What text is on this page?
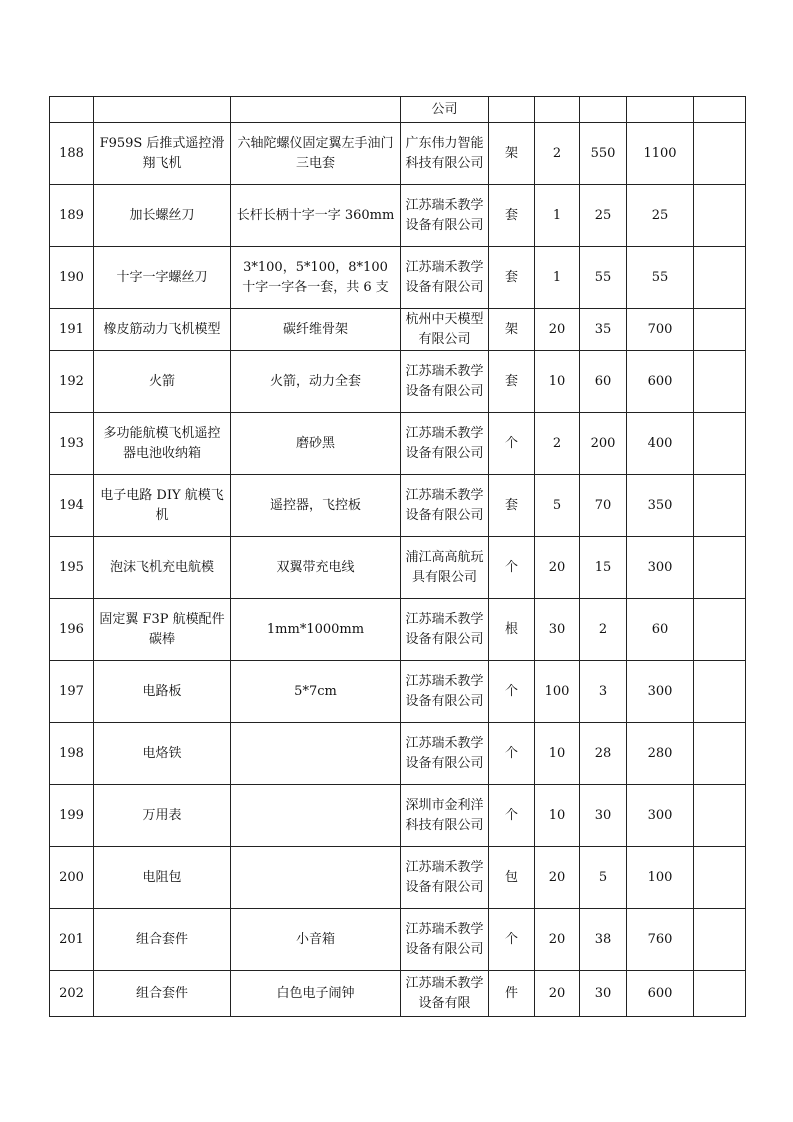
			公司					
188	F959S 后推式遥控滑翔飞机	六轴陀螺仪固定翼左手油门三电套	广东伟力智能科技有限公司	架	2	550	1100	
189	加长螺丝刀	长杆长柄十字一字 360mm	江苏瑞禾教学设备有限公司	套	1	25	25	
190	十字一字螺丝刀	3*100，5*100，8*100 十字一字各一套，共 6 支	江苏瑞禾教学设备有限公司	套	1	55	55	
191	橡皮筋动力飞机模型	碳纤维骨架	杭州中天模型有限公司	架	20	35	700	
192	火箭	火箭，动力全套	江苏瑞禾教学设备有限公司	套	10	60	600	
193	多功能航模飞机遥控器电池收纳箱	磨砂黑	江苏瑞禾教学设备有限公司	个	2	200	400	
194	电子电路 DIY 航模飞机	遥控器，飞控板	江苏瑞禾教学设备有限公司	套	5	70	350	
195	泡沫飞机充电航模	双翼带充电线	浦江高高航玩具有限公司	个	20	15	300	
196	固定翼 F3P 航模配件碳棒	1mm*1000mm	江苏瑞禾教学设备有限公司	根	30	2	60	
197	电路板	5*7cm	江苏瑞禾教学设备有限公司	个	100	3	300	
198	电烙铁		江苏瑞禾教学设备有限公司	个	10	28	280	
199	万用表		深圳市金利洋科技有限公司	个	10	30	300	
200	电阻包		江苏瑞禾教学设备有限公司	包	20	5	100	
201	组合套件	小音箱	江苏瑞禾教学设备有限公司	个	20	38	760	
202	组合套件	白色电子闹钟	江苏瑞禾教学设备有限	件	20	30	600	
